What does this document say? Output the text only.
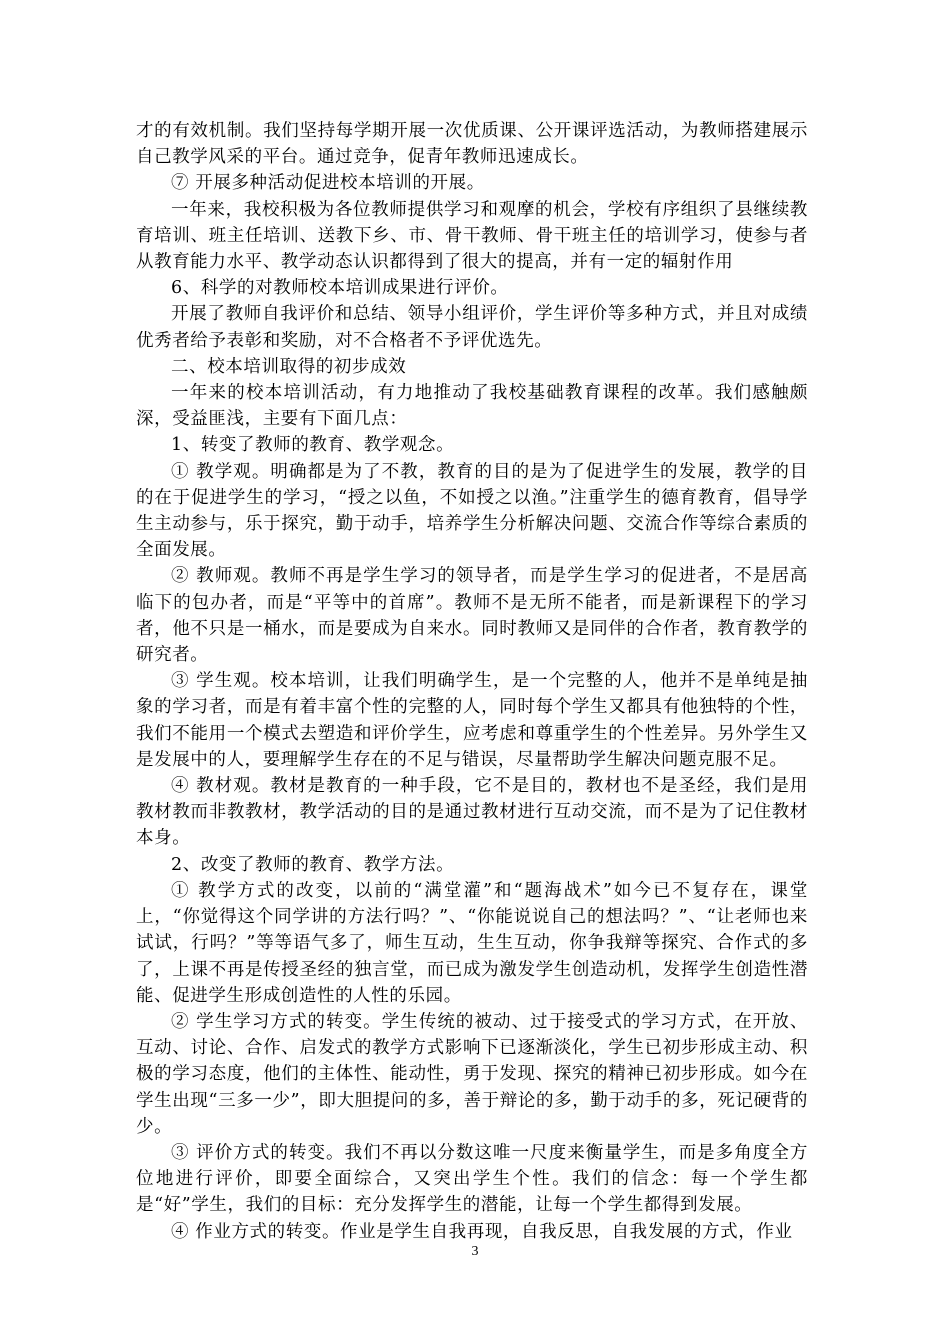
才的有效机制。我们坚持每学期开展一次优质课、公开课评选活动，为教师搭建展示自己教学风采的平台。通过竞争，促青年教师迅速成长。

⑦ 开展多种活动促进校本培训的开展。

一年来，我校积极为各位教师提供学习和观摩的机会，学校有序组织了县继续教育培训、班主任培训、送教下乡、市、骨干教师、骨干班主任的培训学习，使参与者从教育能力水平、教学动态认识都得到了很大的提高，并有一定的辐射作用

6、科学的对教师校本培训成果进行评价。

开展了教师自我评价和总结、领导小组评价，学生评价等多种方式，并且对成绩优秀者给予表彰和奖励，对不合格者不予评优选先。

二、校本培训取得的初步成效

一年来的校本培训活动，有力地推动了我校基础教育课程的改革。我们感触颇深，受益匪浅，主要有下面几点：

1、转变了教师的教育、教学观念。

① 教学观。明确都是为了不教，教育的目的是为了促进学生的发展，教学的目的在于促进学生的学习，“授之以鱼，不如授之以渔。”注重学生的德育教育，倡导学生主动参与，乐于探究，勤于动手，培养学生分析解决问题、交流合作等综合素质的全面发展。

② 教师观。教师不再是学生学习的领导者，而是学生学习的促进者，不是居高临下的包办者，而是“平等中的首席”。教师不是无所不能者，而是新课程下的学习者，他不只是一桶水，而是要成为自来水。同时教师又是同伴的合作者，教育教学的研究者。

③ 学生观。校本培训，让我们明确学生，是一个完整的人，他并不是单纯是抽象的学习者，而是有着丰富个性的完整的人，同时每个学生又都具有他独特的个性，我们不能用一个模式去塑造和评价学生，应考虑和尊重学生的个性差异。另外学生又是发展中的人，要理解学生存在的不足与错误，尽量帮助学生解决问题克服不足。

④ 教材观。教材是教育的一种手段，它不是目的，教材也不是圣经，我们是用教材教而非教教材，教学活动的目的是通过教材进行互动交流，而不是为了记住教材本身。

2、改变了教师的教育、教学方法。

① 教学方式的改变，以前的“满堂灌”和“题海战术”如今已不复存在，课堂上，“你觉得这个同学讲的方法行吗？”、“你能说说自己的想法吗？”、“让老师也来试试，行吗？”等等语气多了，师生互动，生生互动，你争我辩等探究、合作式的多了，上课不再是传授圣经的独言堂，而已成为激发学生创造动机，发挥学生创造性潜能、促进学生形成创造性的人性的乐园。

② 学生学习方式的转变。学生传统的被动、过于接受式的学习方式，在开放、互动、讨论、合作、启发式的教学方式影响下已逐渐淡化，学生已初步形成主动、积极的学习态度，他们的主体性、能动性，勇于发现、探究的精神已初步形成。如今在学生出现“三多一少”，即大胆提问的多，善于辩论的多，勤于动手的多，死记硬背的少。

③ 评价方式的转变。我们不再以分数这唯一尺度来衡量学生，而是多角度全方位地进行评价，即要全面综合，又突出学生个性。我们的信念：每一个学生都是“好”学生，我们的目标：充分发挥学生的潜能，让每一个学生都得到发展。

④ 作业方式的转变。作业是学生自我再现，自我反思，自我发展的方式，作业

3
